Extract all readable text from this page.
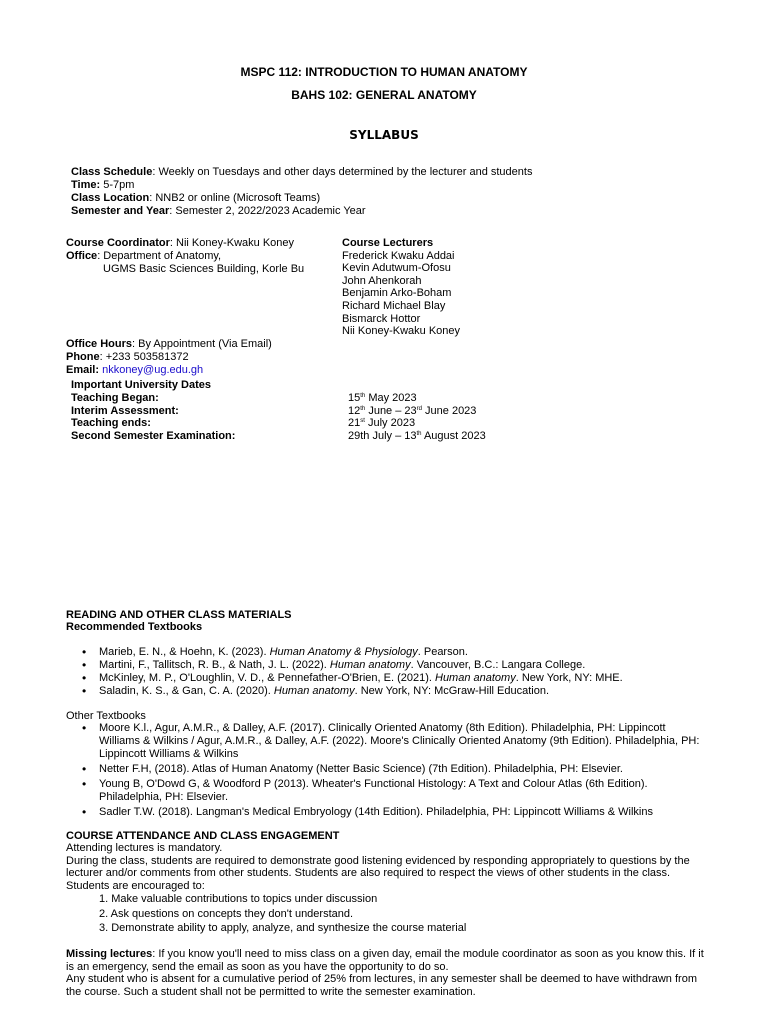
MSPC 112: INTRODUCTION TO HUMAN ANATOMY
BAHS 102: GENERAL ANATOMY
SYLLABUS
Class Schedule: Weekly on Tuesdays and other days determined by the lecturer and students
Time: 5-7pm
Class Location: NNB2 or online (Microsoft Teams)
Semester and Year: Semester 2, 2022/2023 Academic Year
Course Coordinator: Nii Koney-Kwaku Koney
Office: Department of Anatomy,
UGMS Basic Sciences Building, Korle Bu
Course Lecturers
Frederick Kwaku Addai
Kevin Adutwum-Ofosu
John Ahenkorah
Benjamin Arko-Boham
Richard Michael Blay
Bismarck Hottor
Nii Koney-Kwaku Koney
Office Hours: By Appointment (Via Email)
Phone: +233 503581372
Email: nkkoney@ug.edu.gh
Important University Dates
Teaching Began:	15th May 2023
Interim Assessment:	12th June – 23rd June 2023
Teaching ends:	21st July 2023
Second Semester Examination:	29th July – 13th August 2023
READING AND OTHER CLASS MATERIALS
Recommended Textbooks
• Marieb, E. N., & Hoehn, K. (2023). Human Anatomy & Physiology. Pearson.
• Martini, F., Tallitsch, R. B., & Nath, J. L. (2022). Human anatomy. Vancouver, B.C.: Langara College.
• McKinley, M. P., O'Loughlin, V. D., & Pennefather-O'Brien, E. (2021). Human anatomy. New York, NY: MHE.
• Saladin, K. S., & Gan, C. A. (2020). Human anatomy. New York, NY: McGraw-Hill Education.
Other Textbooks
• Moore K.l., Agur, A.M.R., & Dalley, A.F. (2017). Clinically Oriented Anatomy (8th Edition). Philadelphia, PH: Lippincott
Williams & Wilkins / Agur, A.M.R., & Dalley, A.F. (2022). Moore's Clinically Oriented Anatomy (9th Edition). Philadelphia, PH:
Lippincott Williams & Wilkins
• Netter F.H, (2018). Atlas of Human Anatomy (Netter Basic Science) (7th Edition). Philadelphia, PH: Elsevier.
• Young B, O'Dowd G, & Woodford P (2013). Wheater's Functional Histology: A Text and Colour Atlas (6th Edition).
Philadelphia, PH: Elsevier.
• Sadler T.W. (2018). Langman's Medical Embryology (14th Edition). Philadelphia, PH: Lippincott Williams & Wilkins
COURSE ATTENDANCE AND CLASS ENGAGEMENT
Attending lectures is mandatory.
During the class, students are required to demonstrate good listening evidenced by responding appropriately to questions by the
lecturer and/or comments from other students. Students are also required to respect the views of other students in the class.
Students are encouraged to:
1. Make valuable contributions to topics under discussion
2. Ask questions on concepts they don't understand.
3. Demonstrate ability to apply, analyze, and synthesize the course material
Missing lectures: If you know you'll need to miss class on a given day, email the module coordinator as soon as you know this. If it
is an emergency, send the email as soon as you have the opportunity to do so.
Any student who is absent for a cumulative period of 25% from lectures, in any semester shall be deemed to have withdrawn from
the course. Such a student shall not be permitted to write the semester examination.
